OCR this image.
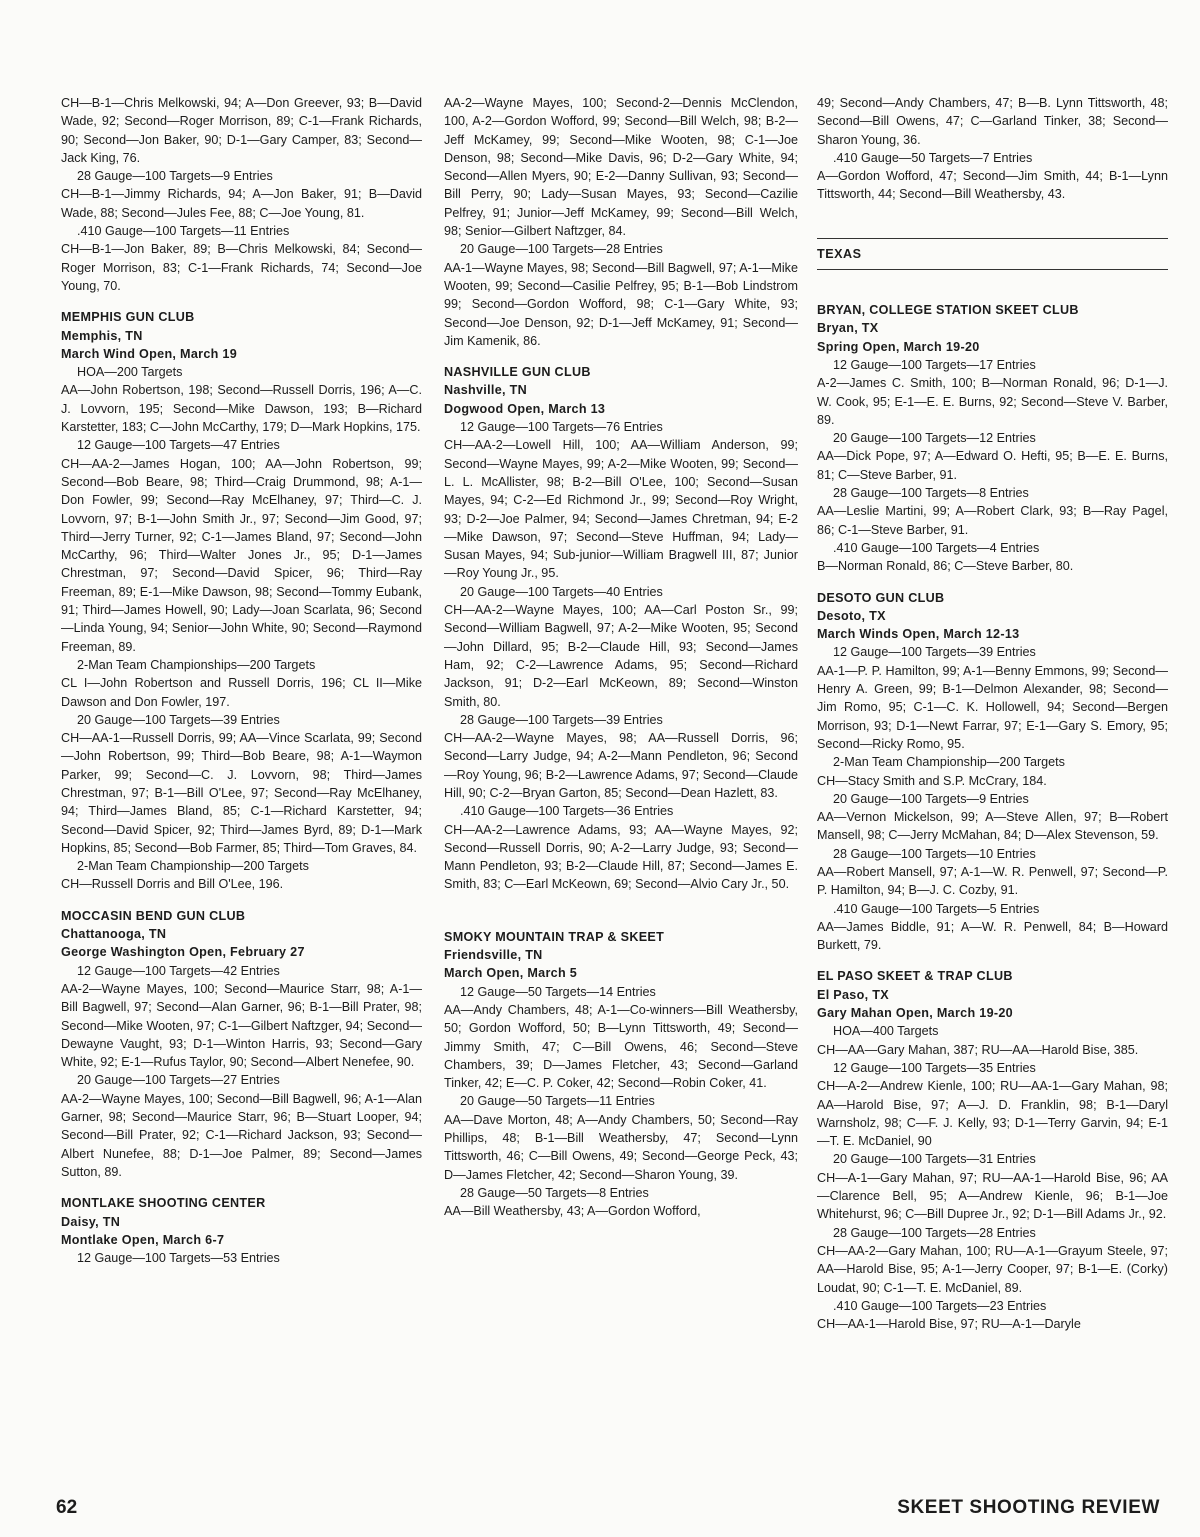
CH—B-1—Chris Melkowski, 94; A—Don Greever, 93; B—David Wade, 92; Second—Roger Morrison, 89; C-1—Frank Richards, 90; Second—Jon Baker, 90; D-1—Gary Camper, 83; Second—Jack King, 76.

28 Gauge—100 Targets—9 Entries

CH—B-1—Jimmy Richards, 94; A—Jon Baker, 91; B—David Wade, 88; Second—Jules Fee, 88; C—Joe Young, 81.

.410 Gauge—100 Targets—11 Entries

CH—B-1—Jon Baker, 89; B—Chris Melkowski, 84; Second—Roger Morrison, 83; C-1—Frank Richards, 74; Second—Joe Young, 70.

MEMPHIS GUN CLUB

Memphis, TN

March Wind Open, March 19

HOA—200 Targets

AA—John Robertson, 198; Second—Russell Dorris, 196; A—C. J. Lovvorn, 195; Second—Mike Dawson, 193; B—Richard Karstetter, 183; C—John McCarthy, 179; D—Mark Hopkins, 175.

12 Gauge—100 Targets—47 Entries

CH—AA-2—James Hogan, 100; AA—John Robertson, 99; Second—Bob Beare, 98; Third—Craig Drummond, 98; A-1—Don Fowler, 99; Second—Ray McElhaney, 97; Third—C. J. Lovvorn, 97; B-1—John Smith Jr., 97; Second—Jim Good, 97; Third—Jerry Turner, 92; C-1—James Bland, 97; Second—John McCarthy, 96; Third—Walter Jones Jr., 95; D-1—James Chrestman, 97; Second—David Spicer, 96; Third—Ray Freeman, 89; E-1—Mike Dawson, 98; Second—Tommy Eubank, 91; Third—James Howell, 90; Lady—Joan Scarlata, 96; Second—Linda Young, 94; Senior—John White, 90; Second—Raymond Freeman, 89.

2-Man Team Championships—200 Targets

CL I—John Robertson and Russell Dorris, 196; CL II—Mike Dawson and Don Fowler, 197.

20 Gauge—100 Targets—39 Entries

CH—AA-1—Russell Dorris, 99; AA—Vince Scarlata, 99; Second—John Robertson, 99; Third—Bob Beare, 98; A-1—Waymon Parker, 99; Second—C. J. Lovvorn, 98; Third—James Chrestman, 97; B-1—Bill O'Lee, 97; Second—Ray McElhaney, 94; Third—James Bland, 85; C-1—Richard Karstetter, 94; Second—David Spicer, 92; Third—James Byrd, 89; D-1—Mark Hopkins, 85; Second—Bob Farmer, 85; Third—Tom Graves, 84.

2-Man Team Championship—200 Targets

CH—Russell Dorris and Bill O'Lee, 196.

MOCCASIN BEND GUN CLUB

Chattanooga, TN

George Washington Open, February 27

12 Gauge—100 Targets—42 Entries

AA-2—Wayne Mayes, 100; Second—Maurice Starr, 98; A-1—Bill Bagwell, 97; Second—Alan Garner, 96; B-1—Bill Prater, 98; Second—Mike Wooten, 97; C-1—Gilbert Naftzger, 94; Second—Dewayne Vaught, 93; D-1—Winton Harris, 93; Second—Gary White, 92; E-1—Rufus Taylor, 90; Second—Albert Nenefee, 90.

20 Gauge—100 Targets—27 Entries

AA-2—Wayne Mayes, 100; Second—Bill Bagwell, 96; A-1—Alan Garner, 98; Second—Maurice Starr, 96; B—Stuart Looper, 94; Second—Bill Prater, 92; C-1—Richard Jackson, 93; Second—Albert Nunefee, 88; D-1—Joe Palmer, 89; Second—James Sutton, 89.

MONTLAKE SHOOTING CENTER

Daisy, TN

Montlake Open, March 6-7

12 Gauge—100 Targets—53 Entries

AA-2—Wayne Mayes, 100; Second-2—Dennis McClendon, 100, A-2—Gordon Wofford, 99; Second—Bill Welch, 98; B-2—Jeff McKamey, 99; Second—Mike Wooten, 98; C-1—Joe Denson, 98; Second—Mike Davis, 96; D-2—Gary White, 94; Second—Allen Myers, 90; E-2—Danny Sullivan, 93; Second—Bill Perry, 90; Lady—Susan Mayes, 93; Second—Cazilie Pelfrey, 91; Junior—Jeff McKamey, 99; Second—Bill Welch, 98; Senior—Gilbert Naftzger, 84.

20 Gauge—100 Targets—28 Entries

AA-1—Wayne Mayes, 98; Second—Bill Bagwell, 97; A-1—Mike Wooten, 99; Second—Casilie Pelfrey, 95; B-1—Bob Lindstrom 99; Second—Gordon Wofford, 98; C-1—Gary White, 93; Second—Joe Denson, 92; D-1—Jeff McKamey, 91; Second—Jim Kamenik, 86.

NASHVILLE GUN CLUB

Nashville, TN

Dogwood Open, March 13

12 Gauge—100 Targets—76 Entries

CH—AA-2—Lowell Hill, 100; AA—William Anderson, 99; Second—Wayne Mayes, 99; A-2—Mike Wooten, 99; Second—L. L. McAllister, 98; B-2—Bill O'Lee, 100; Second—Susan Mayes, 94; C-2—Ed Richmond Jr., 99; Second—Roy Wright, 93; D-2—Joe Palmer, 94; Second—James Chretman, 94; E-2—Mike Dawson, 97; Second—Steve Huffman, 94; Lady—Susan Mayes, 94; Sub-junior—William Bragwell III, 87; Junior—Roy Young Jr., 95.

20 Gauge—100 Targets—40 Entries

CH—AA-2—Wayne Mayes, 100; AA—Carl Poston Sr., 99; Second—William Bagwell, 97; A-2—Mike Wooten, 95; Second—John Dillard, 95; B-2—Claude Hill, 93; Second—James Ham, 92; C-2—Lawrence Adams, 95; Second—Richard Jackson, 91; D-2—Earl McKeown, 89; Second—Winston Smith, 80.

28 Gauge—100 Targets—39 Entries

CH—AA-2—Wayne Mayes, 98; AA—Russell Dorris, 96; Second—Larry Judge, 94; A-2—Mann Pendleton, 96; Second—Roy Young, 96; B-2—Lawrence Adams, 97; Second—Claude Hill, 90; C-2—Bryan Garton, 85; Second—Dean Hazlett, 83.

.410 Gauge—100 Targets—36 Entries

CH—AA-2—Lawrence Adams, 93; AA—Wayne Mayes, 92; Second—Russell Dorris, 90; A-2—Larry Judge, 93; Second—Mann Pendleton, 93; B-2—Claude Hill, 87; Second—James E. Smith, 83; C—Earl McKeown, 69; Second—Alvio Cary Jr., 50.

SMOKY MOUNTAIN TRAP & SKEET

Friendsville, TN

March Open, March 5

12 Gauge—50 Targets—14 Entries

AA—Andy Chambers, 48; A-1—Co-winners—Bill Weathersby, 50; Gordon Wofford, 50; B—Lynn Tittsworth, 49; Second—Jimmy Smith, 47; C—Bill Owens, 46; Second—Steve Chambers, 39; D—James Fletcher, 43; Second—Garland Tinker, 42; E—C. P. Coker, 42; Second—Robin Coker, 41.

20 Gauge—50 Targets—11 Entries

AA—Dave Morton, 48; A—Andy Chambers, 50; Second—Ray Phillips, 48; B-1—Bill Weathersby, 47; Second—Lynn Tittsworth, 46; C—Bill Owens, 49; Second—George Peck, 43; D—James Fletcher, 42; Second—Sharon Young, 39.

28 Gauge—50 Targets—8 Entries

AA—Bill Weathersby, 43; A—Gordon Wofford,

49; Second—Andy Chambers, 47; B—B. Lynn Tittsworth, 48; Second—Bill Owens, 47; C—Garland Tinker, 38; Second—Sharon Young, 36.

.410 Gauge—50 Targets—7 Entries

A—Gordon Wofford, 47; Second—Jim Smith, 44; B-1—Lynn Tittsworth, 44; Second—Bill Weathersby, 43.

TEXAS

BRYAN, COLLEGE STATION SKEET CLUB

Bryan, TX

Spring Open, March 19-20

12 Gauge—100 Targets—17 Entries

A-2—James C. Smith, 100; B—Norman Ronald, 96; D-1—J. W. Cook, 95; E-1—E. E. Burns, 92; Second—Steve V. Barber, 89.

20 Gauge—100 Targets—12 Entries

AA—Dick Pope, 97; A—Edward O. Hefti, 95; B—E. E. Burns, 81; C—Steve Barber, 91.

28 Gauge—100 Targets—8 Entries

AA—Leslie Martini, 99; A—Robert Clark, 93; B—Ray Pagel, 86; C-1—Steve Barber, 91.

.410 Gauge—100 Targets—4 Entries

B—Norman Ronald, 86; C—Steve Barber, 80.

DESOTO GUN CLUB

Desoto, TX

March Winds Open, March 12-13

12 Gauge—100 Targets—39 Entries

AA-1—P. P. Hamilton, 99; A-1—Benny Emmons, 99; Second—Henry A. Green, 99; B-1—Delmon Alexander, 98; Second—Jim Romo, 95; C-1—C. K. Hollowell, 94; Second—Bergen Morrison, 93; D-1—Newt Farrar, 97; E-1—Gary S. Emory, 95; Second—Ricky Romo, 95.

2-Man Team Championship—200 Targets

CH—Stacy Smith and S.P. McCrary, 184.

20 Gauge—100 Targets—9 Entries

AA—Vernon Mickelson, 99; A—Steve Allen, 97; B—Robert Mansell, 98; C—Jerry McMahan, 84; D—Alex Stevenson, 59.

28 Gauge—100 Targets—10 Entries

AA—Robert Mansell, 97; A-1—W. R. Penwell, 97; Second—P. P. Hamilton, 94; B—J. C. Cozby, 91.

.410 Gauge—100 Targets—5 Entries

AA—James Biddle, 91; A—W. R. Penwell, 84; B—Howard Burkett, 79.

EL PASO SKEET & TRAP CLUB

El Paso, TX

Gary Mahan Open, March 19-20

HOA—400 Targets

CH—AA—Gary Mahan, 387; RU—AA—Harold Bise, 385.

12 Gauge—100 Targets—35 Entries

CH—A-2—Andrew Kienle, 100; RU—AA-1—Gary Mahan, 98; AA—Harold Bise, 97; A—J. D. Franklin, 98; B-1—Daryl Warnsholz, 98; C—F. J. Kelly, 93; D-1—Terry Garvin, 94; E-1—T. E. McDaniel, 90

20 Gauge—100 Targets—31 Entries

CH—A-1—Gary Mahan, 97; RU—AA-1—Harold Bise, 96; AA—Clarence Bell, 95; A—Andrew Kienle, 96; B-1—Joe Whitehurst, 96; C—Bill Dupree Jr., 92; D-1—Bill Adams Jr., 92.

28 Gauge—100 Targets—28 Entries

CH—AA-2—Gary Mahan, 100; RU—A-1—Grayum Steele, 97; AA—Harold Bise, 95; A-1—Jerry Cooper, 97; B-1—E. (Corky) Loudat, 90; C-1—T. E. McDaniel, 89.

.410 Gauge—100 Targets—23 Entries

CH—AA-1—Harold Bise, 97; RU—A-1—Daryle

62	SKEET SHOOTING REVIEW
